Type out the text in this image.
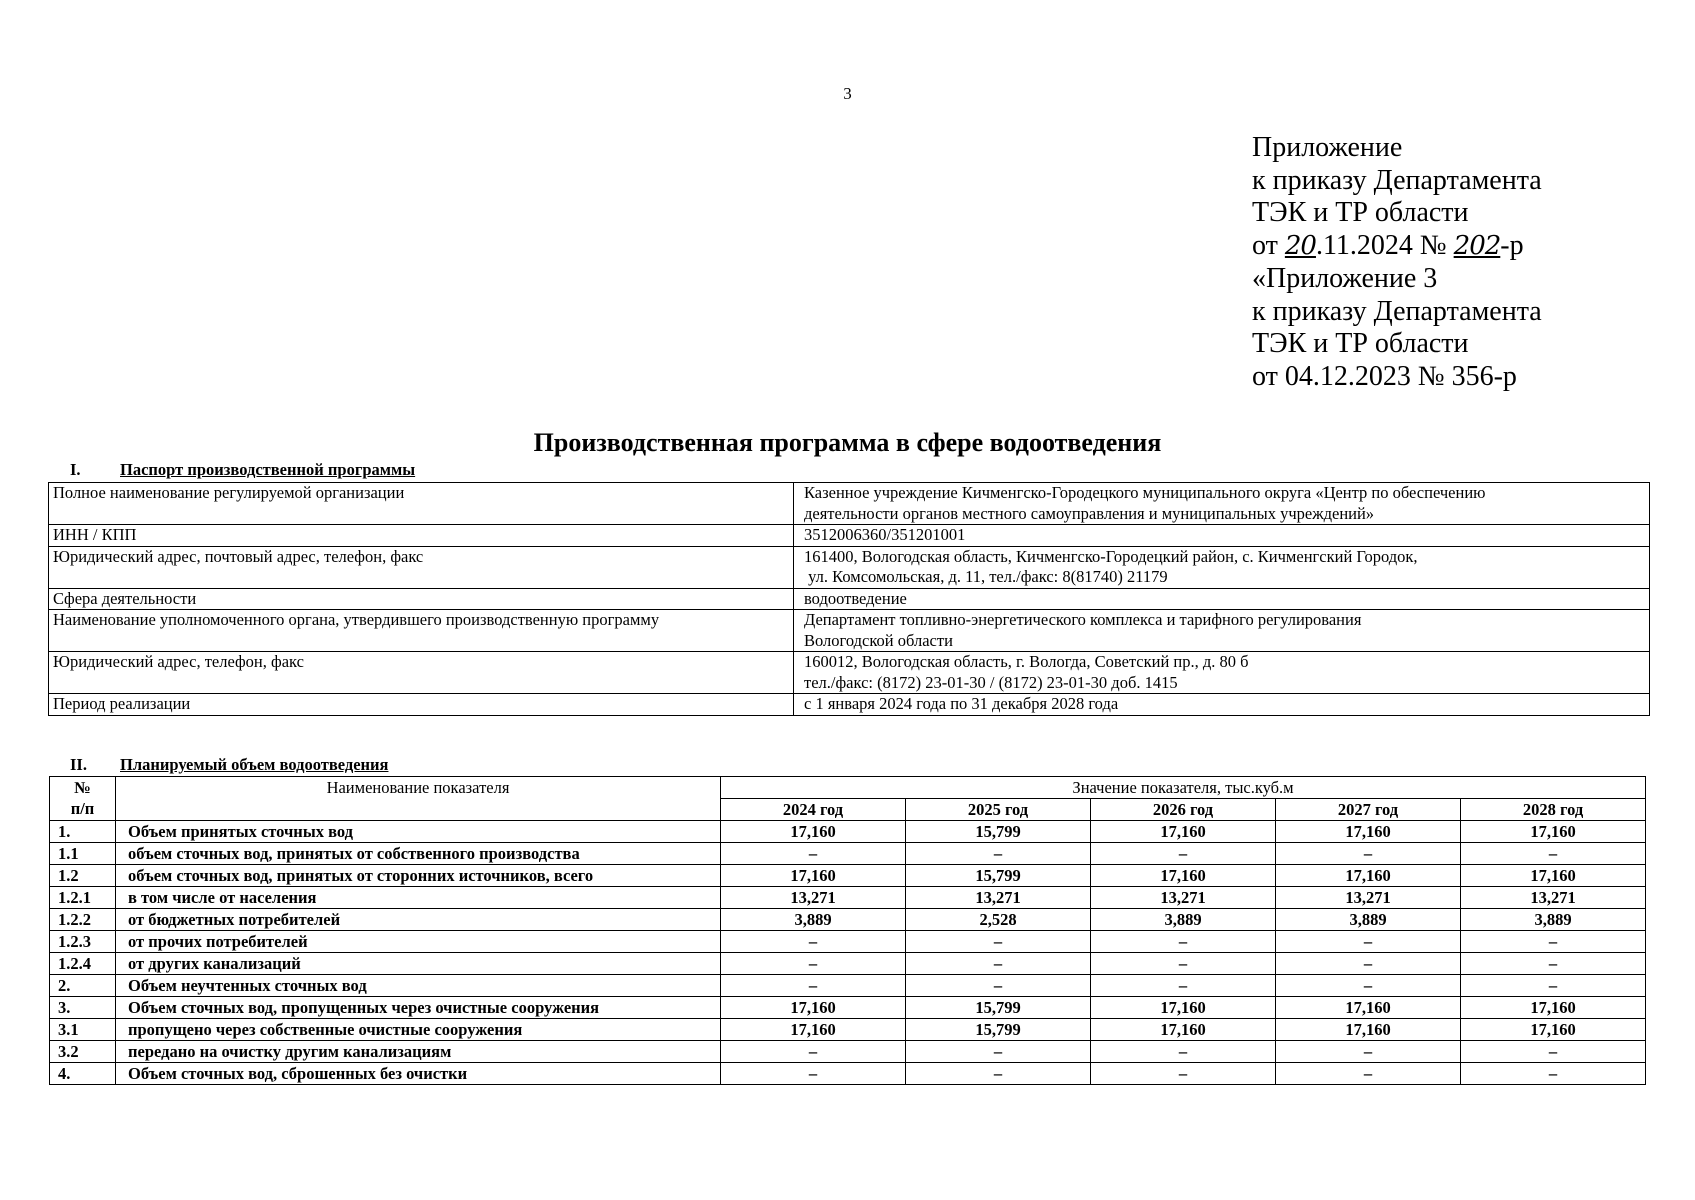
3
Приложение
к приказу Департамента
ТЭК и ТР области
от 20.11.2024 № 202-р
«Приложение 3
к приказу Департамента
ТЭК и ТР области
от 04.12.2023 № 356-р
Производственная программа в сфере водоотведения
I. Паспорт производственной программы
Полное наименование регулируемой организации	Казенное учреждение Кичменгско-Городецкого муниципального округа «Центр по обеспечению
деятельности органов местного самоуправления и муниципальных учреждений»

ИНН / КПП	3512006360/351201001

Юридический адрес, почтовый адрес, телефон, факс	161400, Вологодская область, Кичменгско-Городецкий район, с. Кичменгский Городок,
ул. Комсомольская, д. 11, тел./факс: 8(81740) 21179

Сфера деятельности	водоотведение

Наименование уполномоченного органа, утвердившего производственную программу	Департамент топливно-энергетического комплекса и тарифного регулирования
Вологодской области

Юридический адрес, телефон, факс	160012, Вологодская область, г. Вологда, Советский пр., д. 80 б
тел./факс: (8172) 23-01-30 / (8172) 23-01-30 доб. 1415

Период реализации	с 1 января 2024 года по 31 декабря 2028 года
II. Планируемый объем водоотведения
№
п/п	Наименование показателя	Значение показателя, тыс.куб.м				
		2024 год	2025 год	2026 год	2027 год	2028 год
1.	Объем принятых сточных вод	17,160	15,799	17,160	17,160	17,160
1.1	объем сточных вод, принятых от собственного производства	–	–	–	–	–
1.2	объем сточных вод, принятых от сторонних источников, всего	17,160	15,799	17,160	17,160	17,160
1.2.1	в том числе от населения	13,271	13,271	13,271	13,271	13,271
1.2.2	от бюджетных потребителей	3,889	2,528	3,889	3,889	3,889
1.2.3	от прочих потребителей	–	–	–	–	–
1.2.4	от других канализаций	–	–	–	–	–
2.	Объем неучтенных сточных вод	–	–	–	–	–
3.	Объем сточных вод, пропущенных через очистные сооружения	17,160	15,799	17,160	17,160	17,160
3.1	пропущено через собственные очистные сооружения	17,160	15,799	17,160	17,160	17,160
3.2	передано на очистку другим канализациям	–	–	–	–	–
4.	Объем сточных вод, сброшенных без очистки	–	–	–	–	–
